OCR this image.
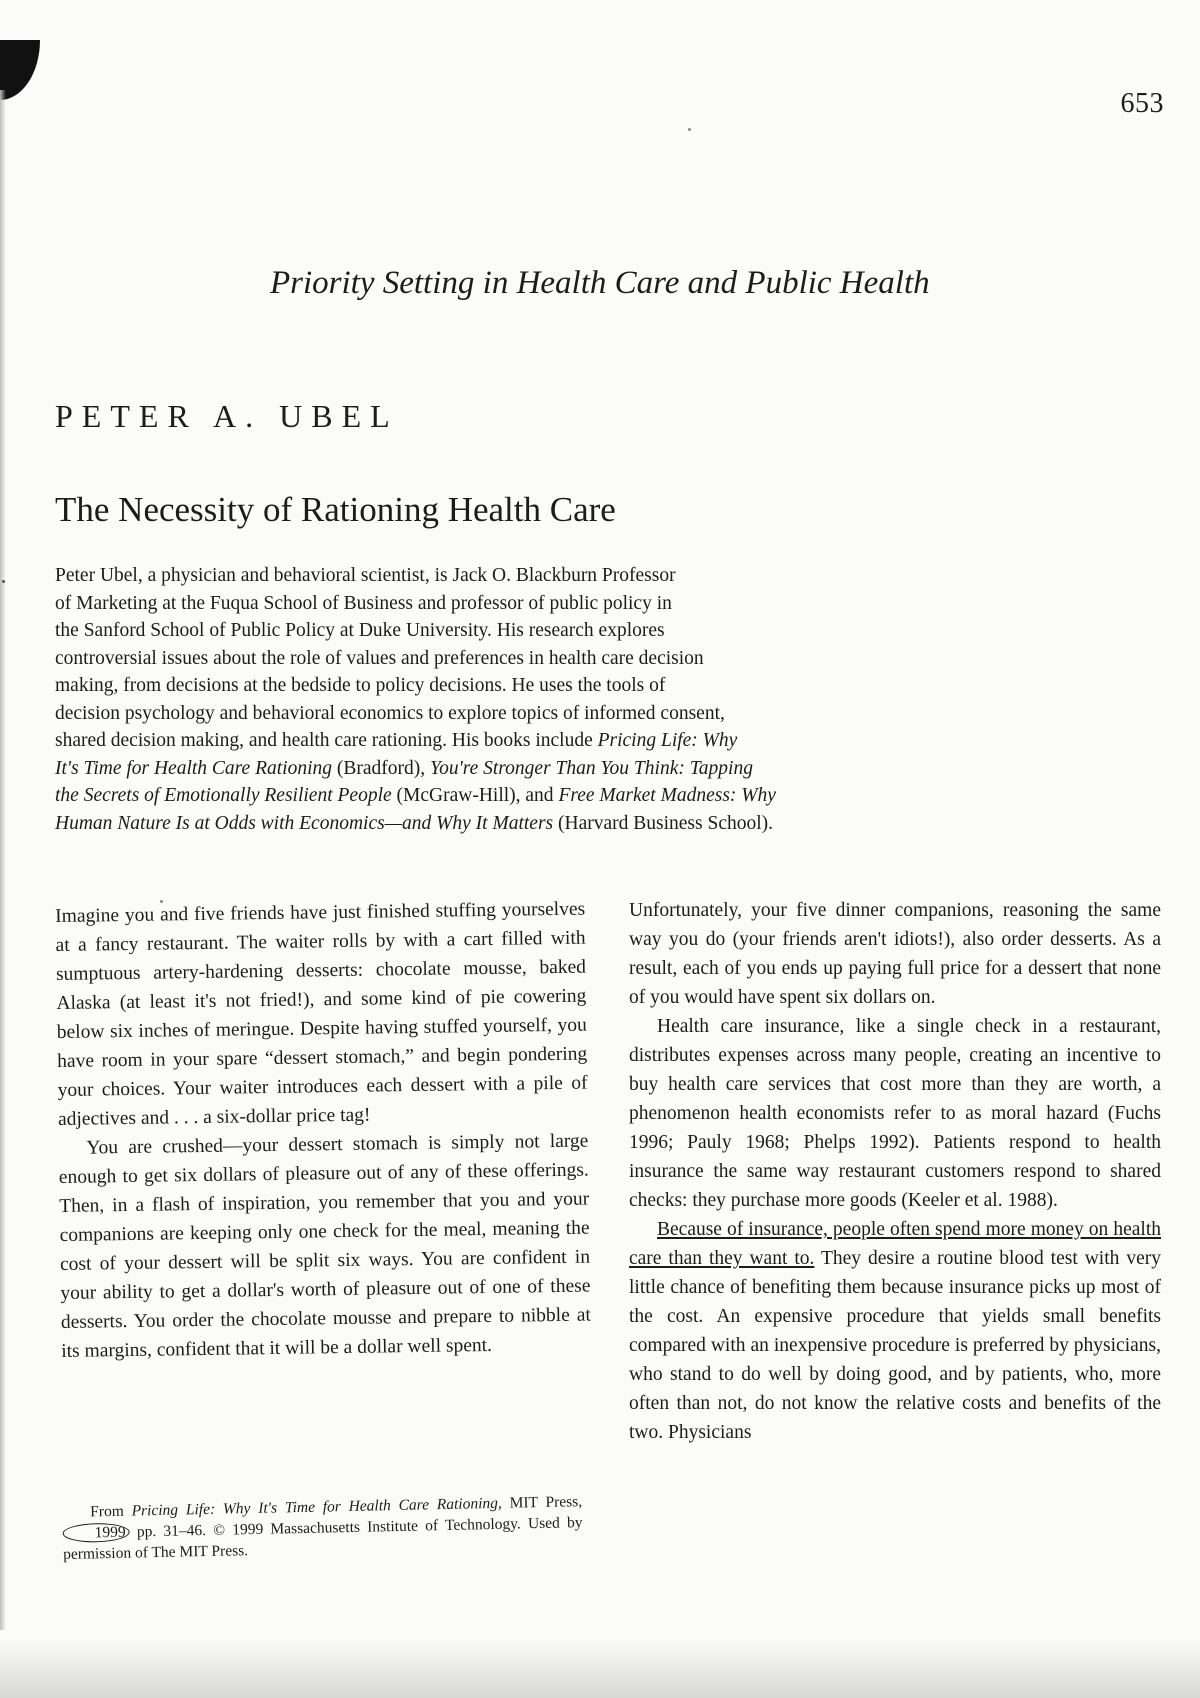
653
Priority Setting in Health Care and Public Health
PETER A. UBEL
The Necessity of Rationing Health Care
Peter Ubel, a physician and behavioral scientist, is Jack O. Blackburn Professor
of Marketing at the Fuqua School of Business and professor of public policy in
the Sanford School of Public Policy at Duke University. His research explores
controversial issues about the role of values and preferences in health care decision
making, from decisions at the bedside to policy decisions. He uses the tools of
decision psychology and behavioral economics to explore topics of informed consent,
shared decision making, and health care rationing. His books include Pricing Life: Why
It's Time for Health Care Rationing (Bradford), You're Stronger Than You Think: Tapping
the Secrets of Emotionally Resilient People (McGraw-Hill), and Free Market Madness: Why
Human Nature Is at Odds with Economics—and Why It Matters (Harvard Business School).

Imagine you and five friends have just finished stuffing yourselves at a fancy restaurant. The waiter rolls by with a cart filled with sumptuous artery-hardening desserts: chocolate mousse, baked Alaska (at least it's not fried!), and some kind of pie cowering below six inches of meringue. Despite having stuffed yourself, you have room in your spare “dessert stomach,” and begin pondering your choices. Your waiter introduces each dessert with a pile of adjectives and . . . a six-dollar price tag!

You are crushed—your dessert stomach is simply not large enough to get six dollars of pleasure out of any of these offerings. Then, in a flash of inspiration, you remember that you and your companions are keeping only one check for the meal, meaning the cost of your dessert will be split six ways. You are confident in your ability to get a dollar's worth of pleasure out of one of these desserts. You order the chocolate mousse and prepare to nibble at its margins, confident that it will be a dollar well spent.

From Pricing Life: Why It's Time for Health Care Rationing, MIT Press, 1999 pp. 31–46. © 1999 Massachusetts Institute of Technology. Used by permission of The MIT Press.

Unfortunately, your five dinner companions, reasoning the same way you do (your friends aren't idiots!), also order desserts. As a result, each of you ends up paying full price for a dessert that none of you would have spent six dollars on.

Health care insurance, like a single check in a restaurant, distributes expenses across many people, creating an incentive to buy health care services that cost more than they are worth, a phenomenon health economists refer to as moral hazard (Fuchs 1996; Pauly 1968; Phelps 1992). Patients respond to health insurance the same way restaurant customers respond to shared checks: they purchase more goods (Keeler et al. 1988).

Because of insurance, people often spend more money on health care than they want to. They desire a routine blood test with very little chance of benefiting them because insurance picks up most of the cost. An expensive procedure that yields small benefits compared with an inexpensive procedure is preferred by physicians, who stand to do well by doing good, and by patients, who, more often than not, do not know the relative costs and benefits of the two. Physicians
